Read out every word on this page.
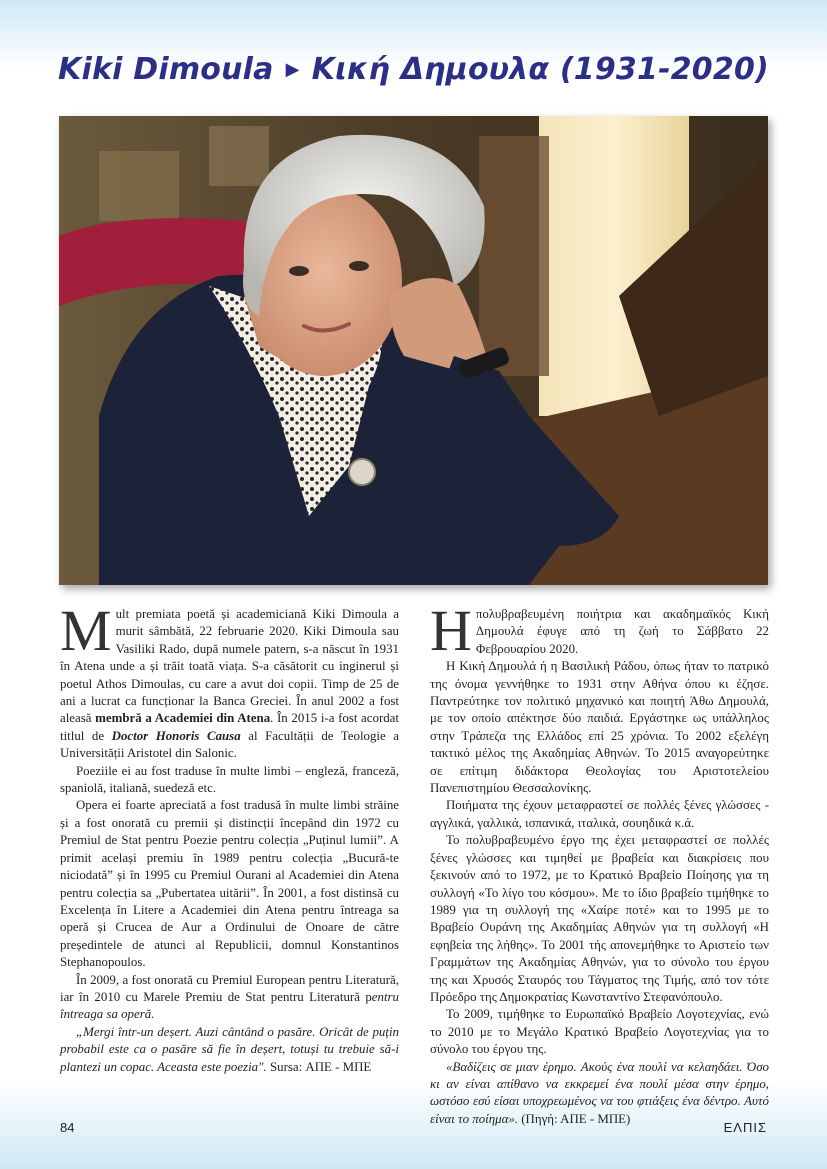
Kiki Dimoula ▶ Κική Δημουλα (1931-2020)

Mult premiata poetă și academiciană Kiki Dimoula a murit sâmbătă, 22 februarie 2020. Kiki Dimoula sau Vasiliki Rado, după numele patern, s-a născut în 1931 în Atena unde a și trăit toată viața. S-a căsătorit cu inginerul și poetul Athos Dimoulas, cu care a avut doi copii. Timp de 25 de ani a lucrat ca funcționar la Banca Greciei. În anul 2002 a fost aleasă membră a Academiei din Atena. În 2015 i-a fost acordat titlul de Doctor Honoris Causa al Facultății de Teologie a Universității Aristotel din Salonic.

Poeziile ei au fost traduse în multe limbi – engleză, franceză, spaniolă, italiană, suedeză etc.

Opera ei foarte apreciată a fost tradusă în multe limbi străine și a fost onorată cu premii și distincții începând din 1972 cu Premiul de Stat pentru Poezie pentru colecția „Puținul lumii”. A primit același premiu în 1989 pentru colecția „Bucură-te niciodată” și în 1995 cu Premiul Ourani al Academiei din Atena pentru colecția sa „Pubertatea uitării”. În 2001, a fost distinsă cu Excelența în Litere a Academiei din Atena pentru întreaga sa operă și Crucea de Aur a Ordinului de Onoare de către președintele de atunci al Republicii, domnul Konstantinos Stephanopoulos.

În 2009, a fost onorată cu Premiul European pentru Literatură, iar în 2010 cu Marele Premiu de Stat pentru Literatură pentru întreaga sa operă.

„Mergi într-un deșert. Auzi cântând o pasăre. Oricât de puțin probabil este ca o pasăre să fie în deșert, totuși tu trebuie să-i plantezi un copac. Aceasta este poezia". Sursa: ΑΠΕ - ΜΠΕ

Ηπολυβραβευμένη ποιήτρια και ακαδημαϊκός Κική Δημουλά έφυγε από τη ζωή το Σάββατο 22 Φεβρουαρίου 2020.

Η Κική Δημουλά ή η Βασιλική Ράδου, όπως ήταν το πατρικό της όνομα γεννήθηκε το 1931 στην Αθήνα όπου κι έζησε. Παντρεύτηκε τον πολιτικό μηχανικό και ποιητή Άθω Δημουλά, με τον οποίο απέκτησε δύο παιδιά. Εργάστηκε ως υπάλληλος στην Τράπεζα της Ελλάδος επί 25 χρόνια. Το 2002 εξελέγη τακτικό μέλος της Ακαδημίας Αθηνών. Το 2015 αναγορεύτηκε σε επίτιμη διδάκτορα Θεολογίας του Αριστοτελείου Πανεπιστημίου Θεσσαλονίκης.

Ποιήματα της έχουν μεταφραστεί σε πολλές ξένες γλώσσες - αγγλικά, γαλλικά, ισπανικά, ιταλικά, σουηδικά κ.ά.

Το πολυβραβευμένο έργο της έχει μεταφραστεί σε πολλές ξένες γλώσσες και τιμηθεί με βραβεία και διακρίσεις που ξεκινούν από το 1972, με το Κρατικό Βραβείο Ποίησης για τη συλλογή «Το λίγο του κόσμου». Με το ίδιο βραβείο τιμήθηκε το 1989 για τη συλλογή της «Χαίρε ποτέ» και το 1995 με το Βραβείο Ουράνη της Ακαδημίας Αθηνών για τη συλλογή «Η εφηβεία της λήθης». Το 2001 τής απονεμήθηκε το Αριστείο των Γραμμάτων της Ακαδημίας Αθηνών, για το σύνολο του έργου της και Χρυσός Σταυρός του Τάγματος της Τιμής, από τον τότε Πρόεδρο της Δημοκρατίας Κωνσταντίνο Στεφανόπουλο.

Το 2009, τιμήθηκε το Ευρωπαϊκό Βραβείο Λογοτεχνίας, ενώ το 2010 με το Μεγάλο Κρατικό Βραβείο Λογοτεχνίας για το σύνολο του έργου της.

«Βαδίζεις σε μιαν έρημο. Ακούς ένα πουλί να κελαηδάει. Όσο κι αν είναι απίθανο να εκκρεμεί ένα πουλί μέσα στην έρημο, ωστόσο εσύ είσαι υποχρεωμένος να του φτιάξεις ένα δέντρο. Αυτό είναι το ποίημα». (Πηγή: ΑΠΕ - ΜΠΕ)

84	ΕΛΠΙΣ
